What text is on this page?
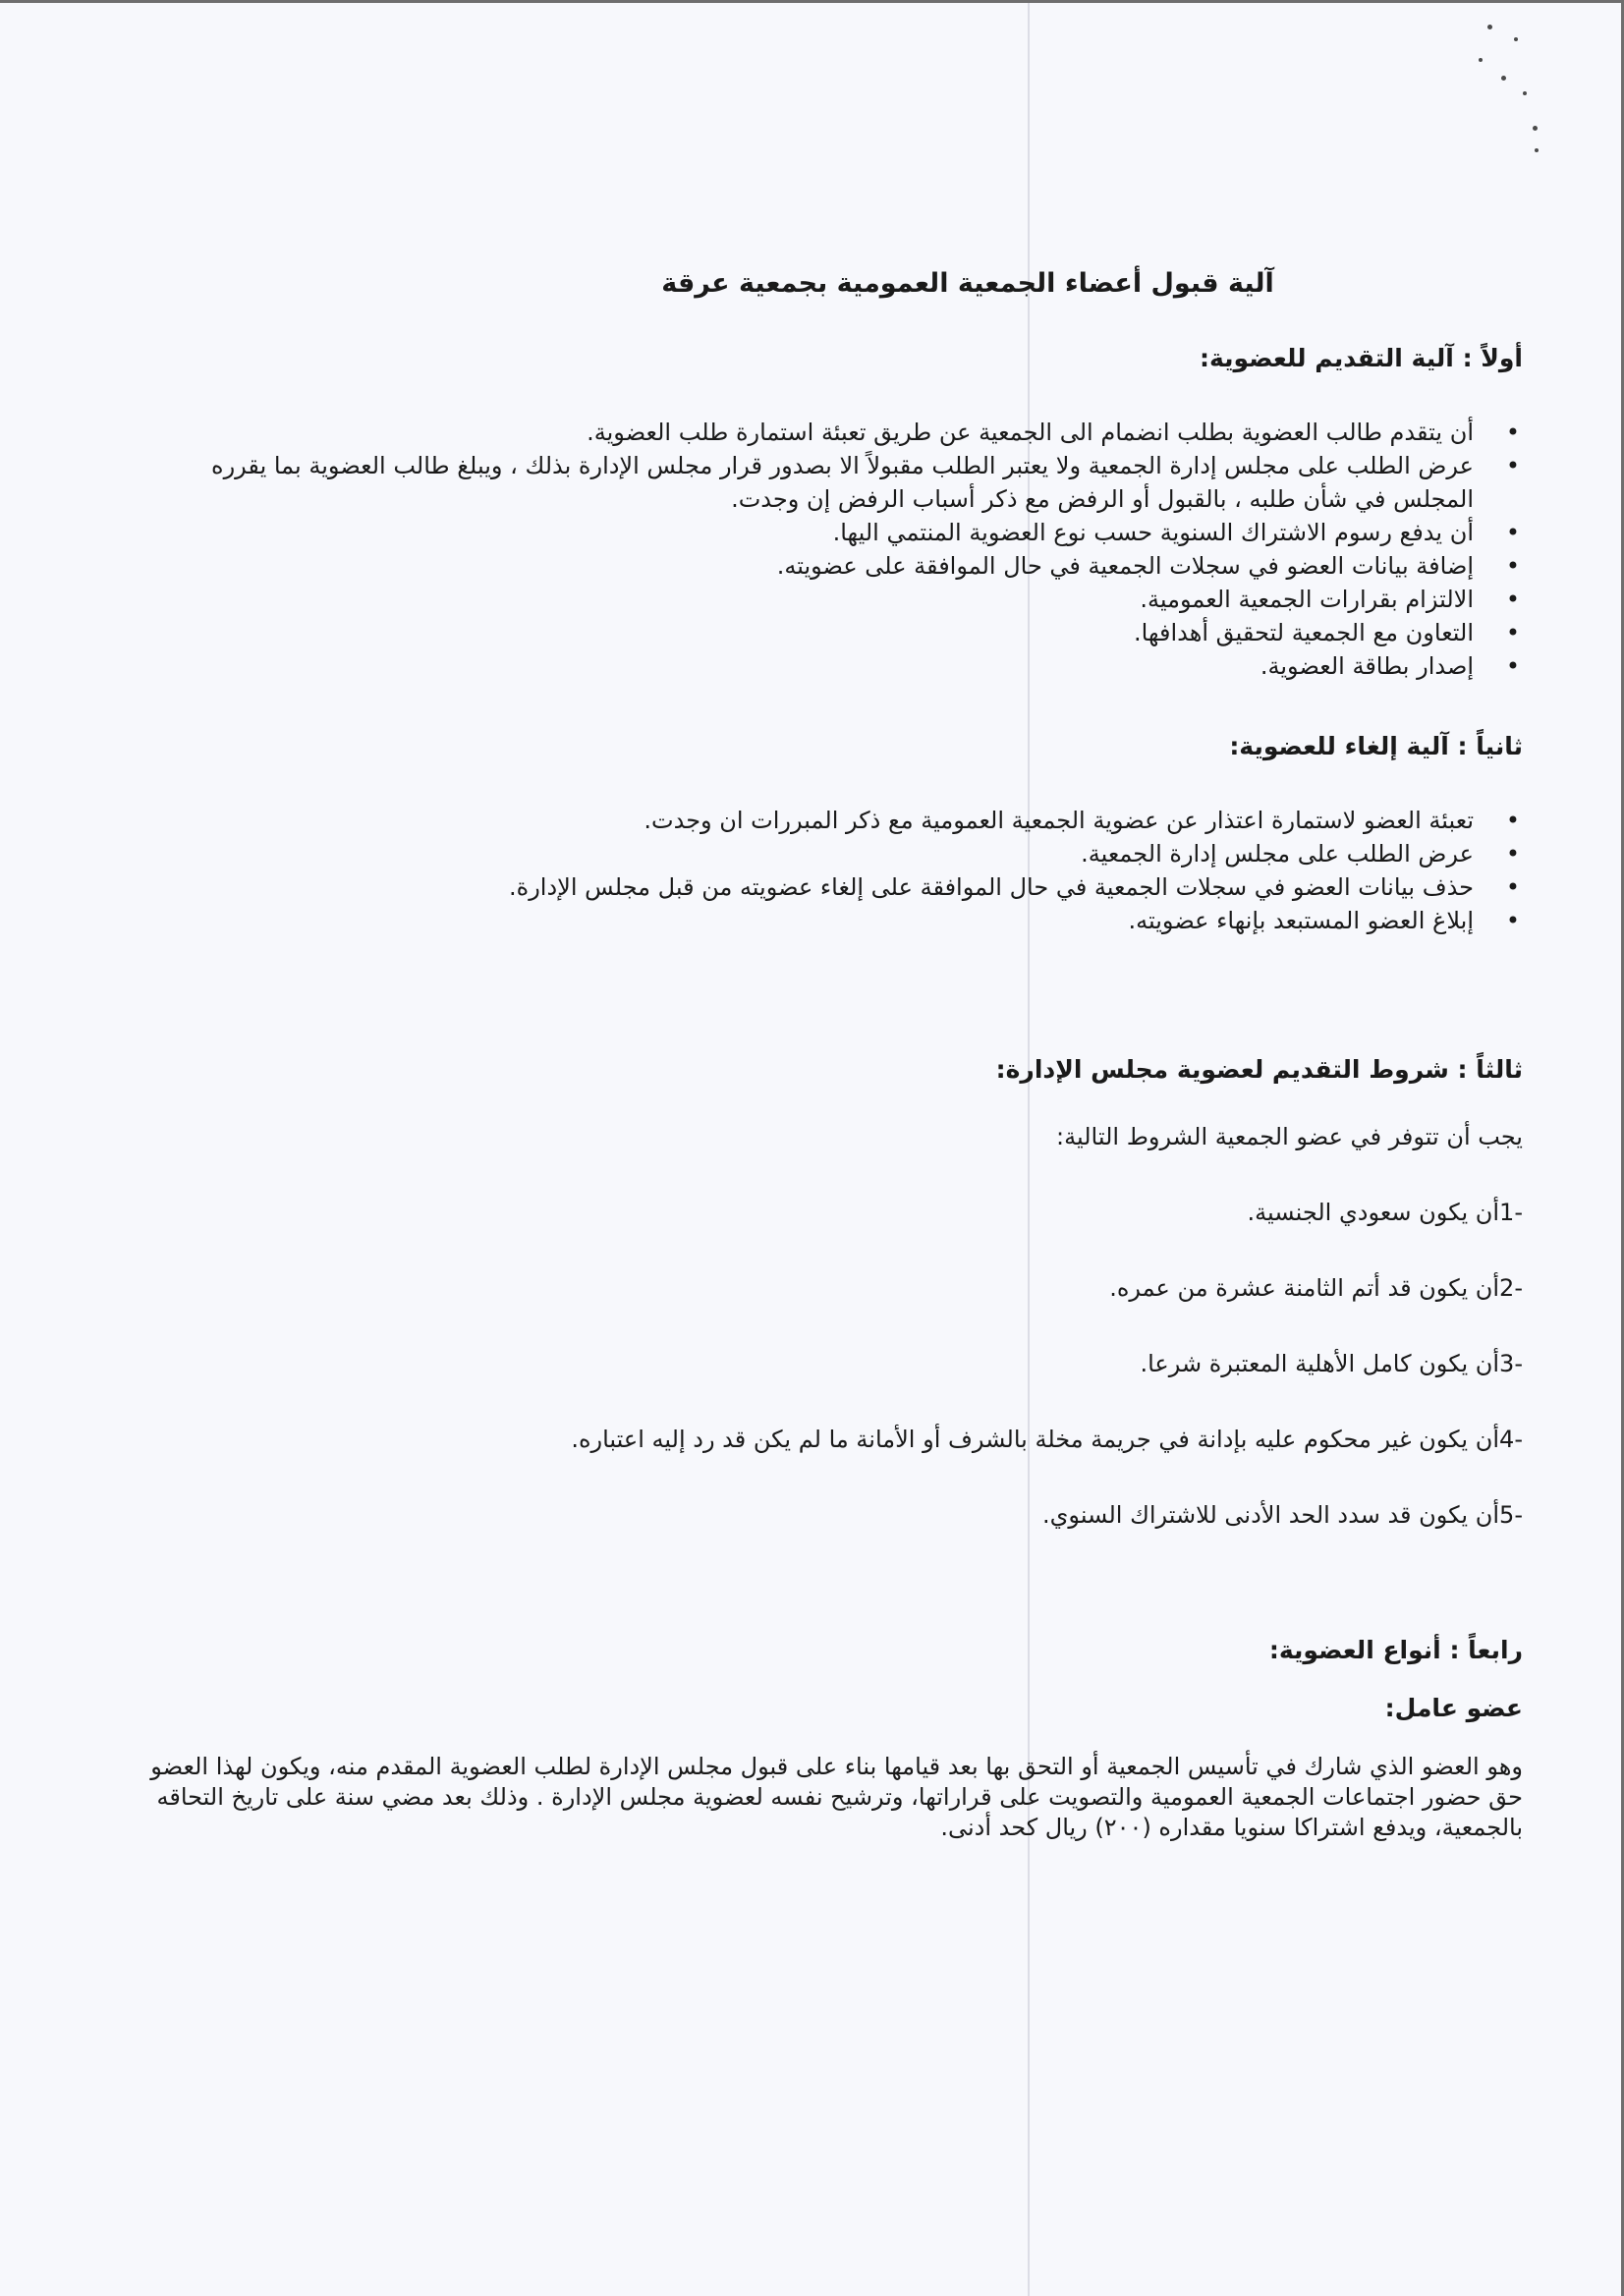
آلية قبول أعضاء الجمعية العمومية بجمعية عرقة
أولاً : آلية التقديم للعضوية:
• أن يتقدم طالب العضوية بطلب انضمام الى الجمعية عن طريق تعبئة استمارة طلب العضوية.
• عرض الطلب على مجلس إدارة الجمعية ولا يعتبر الطلب مقبولاً الا بصدور قرار مجلس الإدارة بذلك ، ويبلغ طالب العضوية بما يقرره المجلس في شأن طلبه ، بالقبول أو الرفض مع ذكر أسباب الرفض إن وجدت.
• أن يدفع رسوم الاشتراك السنوية حسب نوع العضوية المنتمي اليها.
• إضافة بيانات العضو في سجلات الجمعية في حال الموافقة على عضويته.
• الالتزام بقرارات الجمعية العمومية.
• التعاون مع الجمعية لتحقيق أهدافها.
• إصدار بطاقة العضوية.
ثانياً : آلية إلغاء للعضوية:
• تعبئة العضو لاستمارة اعتذار عن عضوية الجمعية العمومية مع ذكر المبررات ان وجدت.
• عرض الطلب على مجلس إدارة الجمعية.
• حذف بيانات العضو في سجلات الجمعية في حال الموافقة على إلغاء عضويته من قبل مجلس الإدارة.
• إبلاغ العضو المستبعد بإنهاء عضويته.
ثالثاً : شروط التقديم لعضوية مجلس الإدارة:

يجب أن تتوفر في عضو الجمعية الشروط التالية:

-1أن يكون سعودي الجنسية.

-2أن يكون قد أتم الثامنة عشرة من عمره.

-3أن يكون كامل الأهلية المعتبرة شرعا.

-4أن يكون غير محكوم عليه بإدانة في جريمة مخلة بالشرف أو الأمانة ما لم يكن قد رد إليه اعتباره.

-5أن يكون قد سدد الحد الأدنى للاشتراك السنوي.

رابعاً : أنواع العضوية:
عضو عامل:

وهو العضو الذي شارك في تأسيس الجمعية أو التحق بها بعد قيامها بناء على قبول مجلس الإدارة لطلب العضوية المقدم منه، ويكون لهذا العضو حق حضور اجتماعات الجمعية العمومية والتصويت على قراراتها، وترشيح نفسه لعضوية مجلس الإدارة . وذلك بعد مضي سنة على تاريخ التحاقه بالجمعية، ويدفع اشتراكا سنويا مقداره (٢٠٠) ريال كحد أدنى.
